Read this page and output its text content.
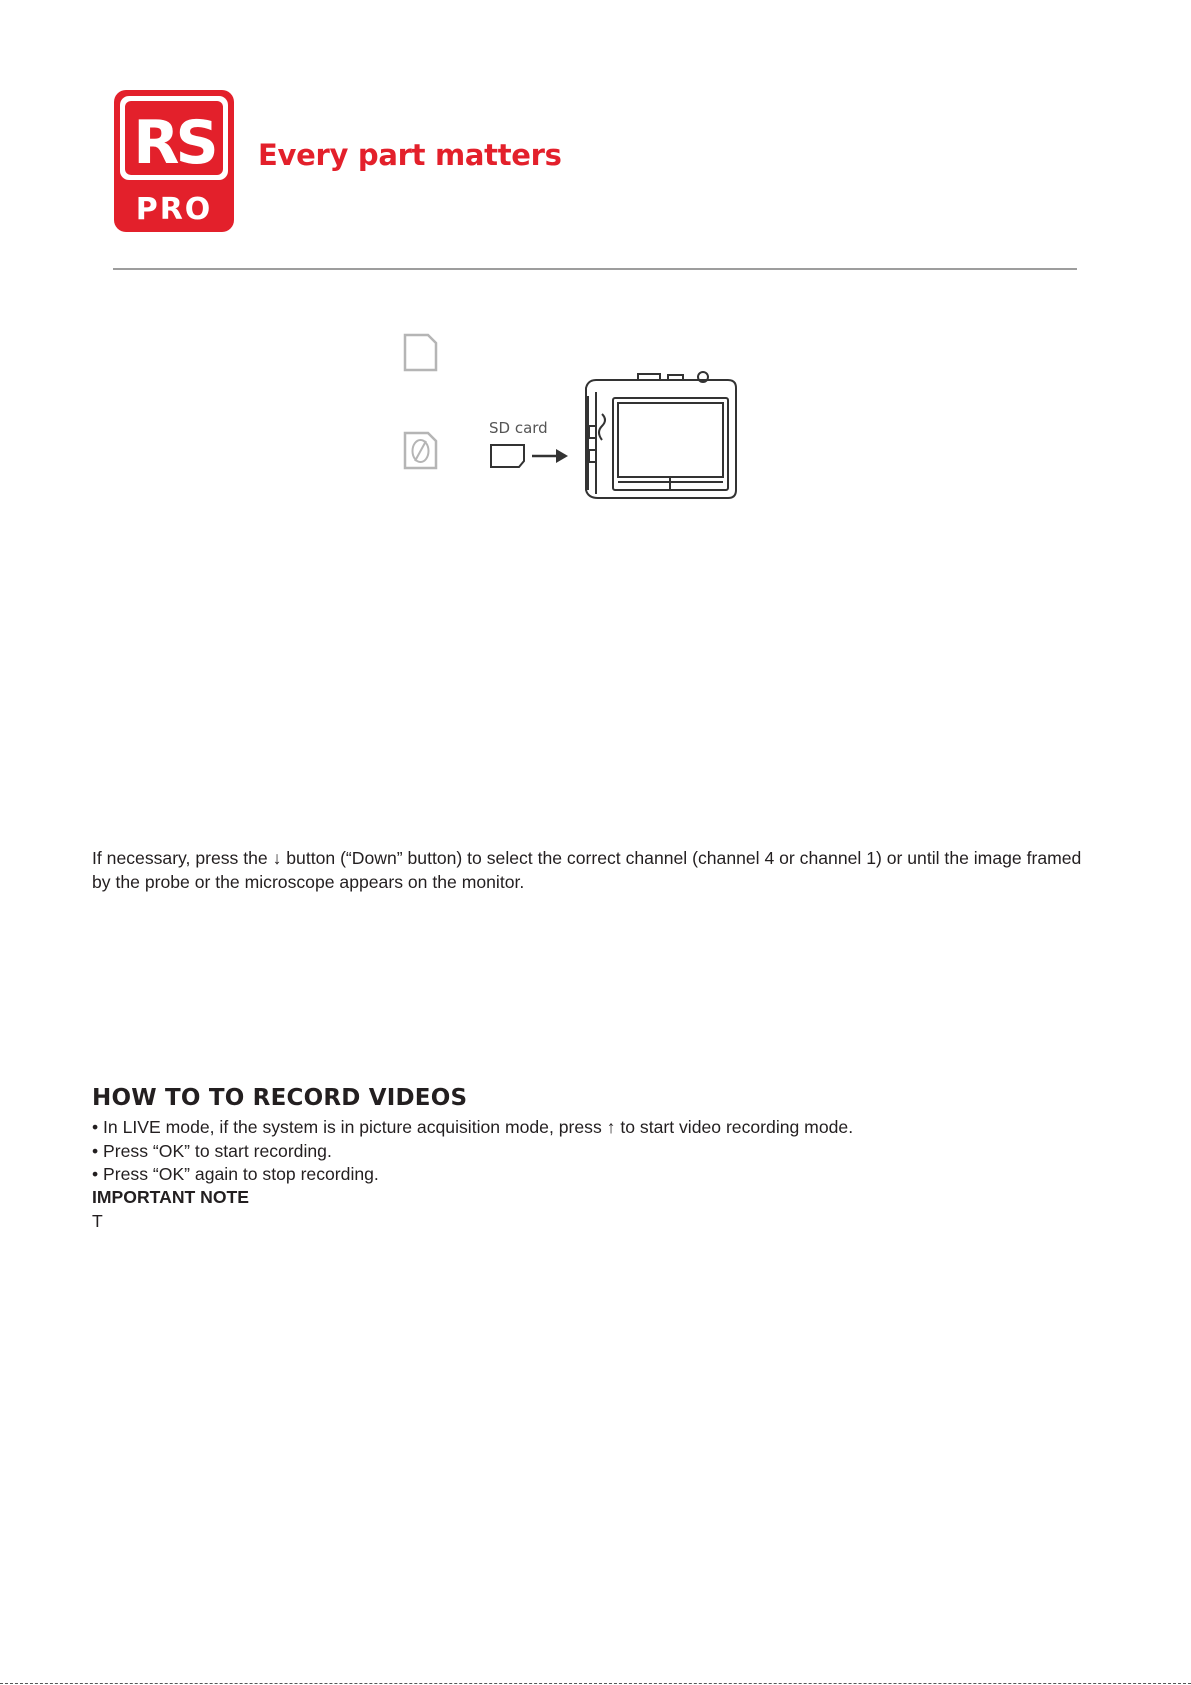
RS
PRO
Every part matters
SD card

If necessary, press the ↓ button (“Down” button) to select the correct channel (channel 4 or channel 1) or until the image framed by the probe or the microscope appears on the monitor.

HOW TO TO RECORD VIDEOS
• In LIVE mode, if the system is in picture acquisition mode, press ↑ to start video recording mode.
• Press “OK” to start recording.
• Press “OK” again to stop recording.

IMPORTANT NOTE

T
